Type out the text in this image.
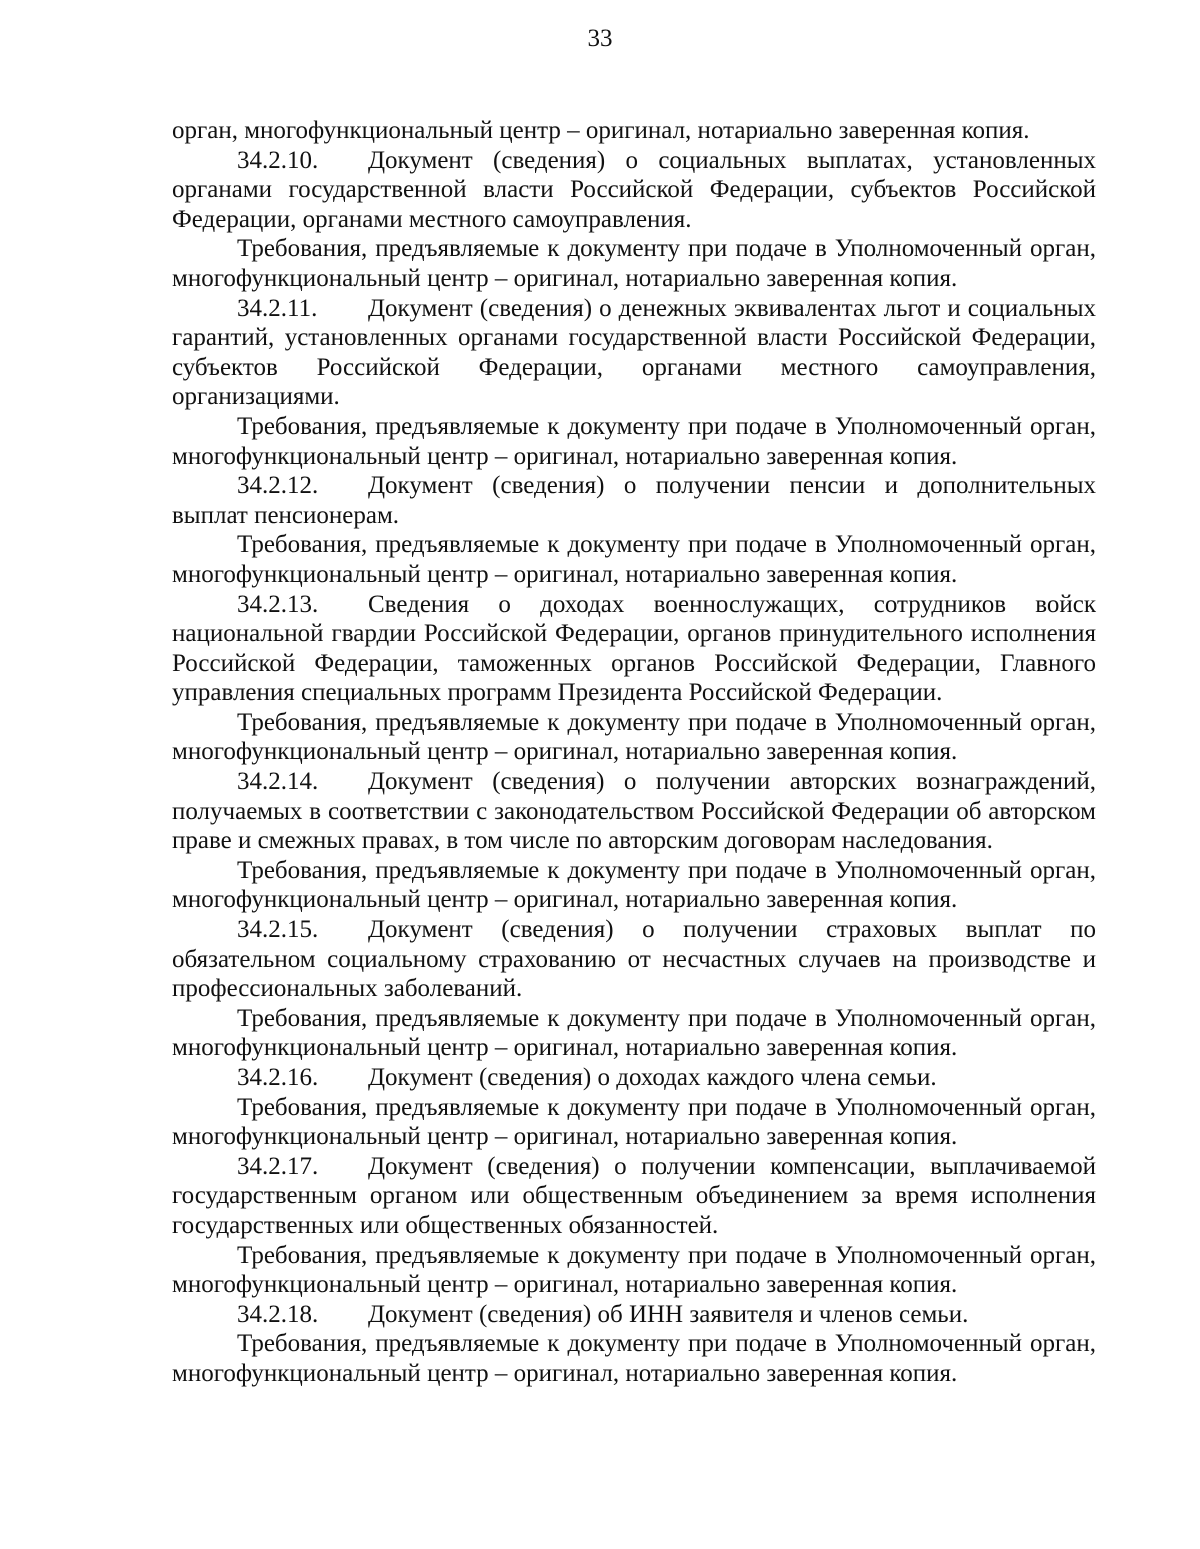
33

орган, многофункциональный центр – оригинал, нотариально заверенная копия.

34.2.10. Документ (сведения) о социальных выплатах, установленных органами государственной власти Российской Федерации, субъектов Российской Федерации, органами местного самоуправления.

Требования, предъявляемые к документу при подаче в Уполномоченный орган, многофункциональный центр – оригинал, нотариально заверенная копия.

34.2.11. Документ (сведения) о денежных эквивалентах льгот и социальных гарантий, установленных органами государственной власти Российской Федерации, субъектов Российской Федерации, органами местного самоуправления, организациями.

Требования, предъявляемые к документу при подаче в Уполномоченный орган, многофункциональный центр – оригинал, нотариально заверенная копия.

34.2.12. Документ (сведения) о получении пенсии и дополнительных выплат пенсионерам.

Требования, предъявляемые к документу при подаче в Уполномоченный орган, многофункциональный центр – оригинал, нотариально заверенная копия.

34.2.13. Сведения о доходах военнослужащих, сотрудников войск национальной гвардии Российской Федерации, органов принудительного исполнения Российской Федерации, таможенных органов Российской Федерации, Главного управления специальных программ Президента Российской Федерации.

Требования, предъявляемые к документу при подаче в Уполномоченный орган, многофункциональный центр – оригинал, нотариально заверенная копия.

34.2.14. Документ (сведения) о получении авторских вознаграждений, получаемых в соответствии с законодательством Российской Федерации об авторском праве и смежных правах, в том числе по авторским договорам наследования.

Требования, предъявляемые к документу при подаче в Уполномоченный орган, многофункциональный центр – оригинал, нотариально заверенная копия.

34.2.15. Документ (сведения) о получении страховых выплат по обязательном социальному страхованию от несчастных случаев на производстве и профессиональных заболеваний.

Требования, предъявляемые к документу при подаче в Уполномоченный орган, многофункциональный центр – оригинал, нотариально заверенная копия.

34.2.16. Документ (сведения) о доходах каждого члена семьи.

Требования, предъявляемые к документу при подаче в Уполномоченный орган, многофункциональный центр – оригинал, нотариально заверенная копия.

34.2.17. Документ (сведения) о получении компенсации, выплачиваемой государственным органом или общественным объединением за время исполнения государственных или общественных обязанностей.

Требования, предъявляемые к документу при подаче в Уполномоченный орган, многофункциональный центр – оригинал, нотариально заверенная копия.

34.2.18. Документ (сведения) об ИНН заявителя и членов семьи.

Требования, предъявляемые к документу при подаче в Уполномоченный орган, многофункциональный центр – оригинал, нотариально заверенная копия.
